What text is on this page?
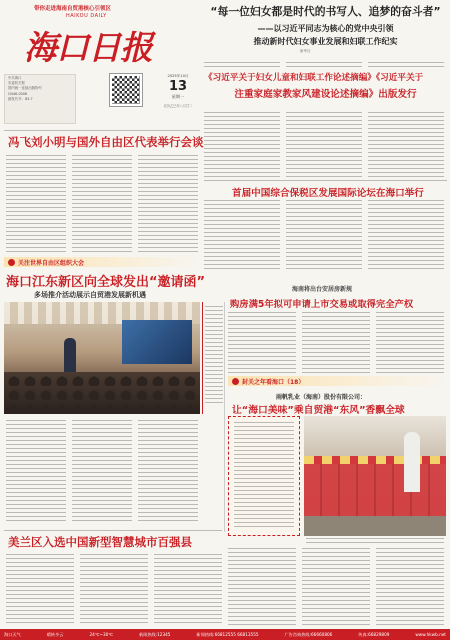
带你走进海南自贸港核心引领区
HAIKOU DAILY
海口日报
中共海口
市委机关报
国内统一连续出版物号
CN46-0006
邮发代号：83-7
2025年10月
13
星期一
农历乙巳年八月廿二
“每一位妇女都是时代的书写人、追梦的奋斗者”
——以习近平同志为核心的党中央引领
推动新时代妇女事业发展和妇联工作纪实
新华社
《习近平关于妇女儿童和妇联工作论述摘编》《习近平关于
注重家庭家教家风建设论述摘编》出版发行
冯飞刘小明与国外自由区代表举行会谈
首届中国综合保税区发展国际论坛在海口举行
关注世界自由区组织大会
海口江东新区向全球发出“邀请函”
多场推介活动展示自贸港发展新机遇
海南将出台安居房新规
购房满5年拟可申请上市交易或取得完全产权
封关之年看海口（18）
雨帆乳业（海南）股份有限公司：
让“海口美味”乘自贸港“东风”香飘全球
美兰区入选中国新型智慧城市百强县
海口天气	晴转多云	24℃~30℃	新闻热线:12345	新闻热线:66812555 66813555	广告咨询热线:66660806	传真:66829809	www.hkwb.net
